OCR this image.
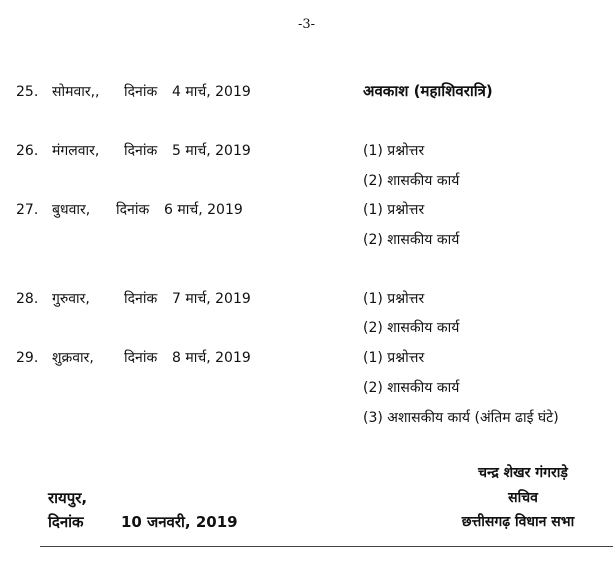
-3-
25. सोमवार,, दिनांक 4 मार्च, 2019	अवकाश (महाशिवरात्रि)
26. मंगलवार, दिनांक 5 मार्च, 2019	(1) प्रश्नोत्तर
(2) शासकीय कार्य
27. बुधवार, दिनांक 6 मार्च, 2019	(1) प्रश्नोत्तर
(2) शासकीय कार्य
28. गुरुवार, दिनांक 7 मार्च, 2019	(1) प्रश्नोत्तर
(2) शासकीय कार्य
29. शुक्रवार, दिनांक 8 मार्च, 2019	(1) प्रश्नोत्तर
(2) शासकीय कार्य
(3) अशासकीय कार्य (अंतिम ढाई घंटे)
चन्द्र शेखर गंगराड़े
सचिव
छत्तीसगढ़ विधान सभा
रायपुर,
दिनांक 10 जनवरी, 2019
